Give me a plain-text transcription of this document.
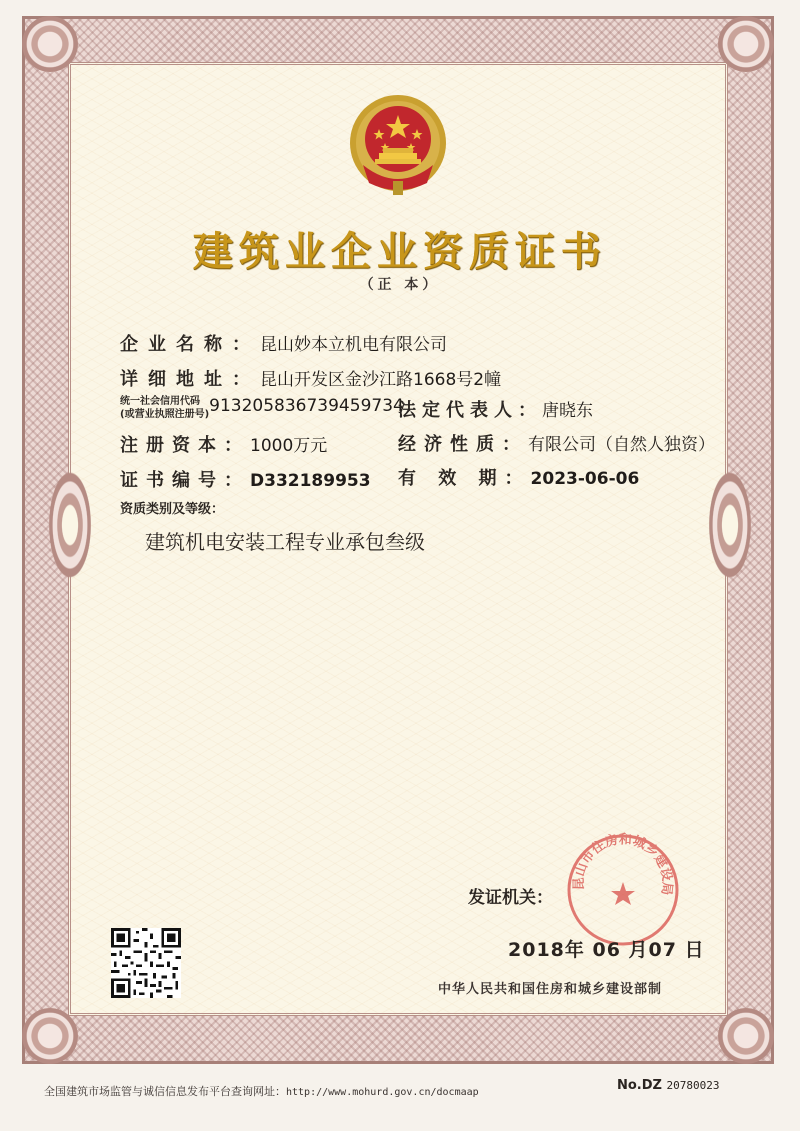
建筑业企业资质证书
（正 本）
企业名称：昆山妙本立机电有限公司
详细地址：昆山开发区金沙江路1668号2幢
统一社会信用代码
(或营业执照注册号)913205836739459734
法定代表人：唐晓东
注册资本：1000万元	经济性质：有限公司（自然人独资）
证书编号：D332189953 有 效 期：2023-06-06
资质类别及等级：
建筑机电安装工程专业承包叁级
昆山市住房和城乡建设局
发证机关：
2018年 06 月07 日
中华人民共和国住房和城乡建设部制
全国建筑市场监管与诚信信息发布平台查询网址：http://www.mohurd.gov.cn/docmaap	No.DZ 20780023
